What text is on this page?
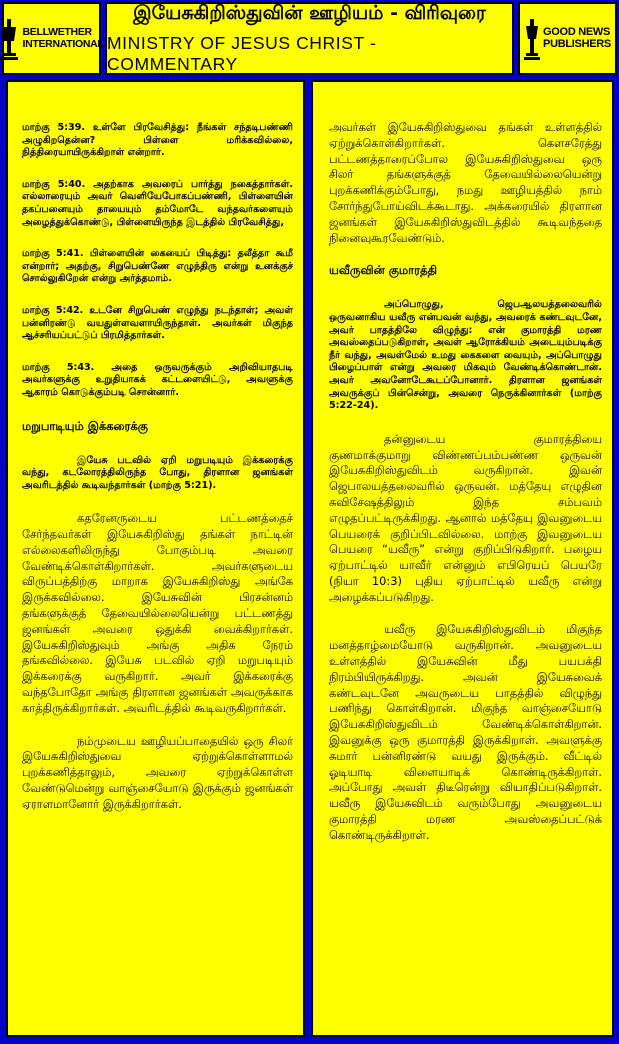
BELLWETHER
INTERNATIONAL
இயேசுகிறிஸ்துவின் ஊழியம் - விரிவுரை
MINISTRY OF JESUS CHRIST - COMMENTARY
GOOD NEWS
PUBLISHERS

மாற்கு 5:39. உள்ளே பிரவேசித்து: நீங்கள் சந்தடிபண்ணி அழுகிறதென்ன? பிள்ளை மரிக்கவில்லை, நித்திரையாயிருக்கிறாள் என்றார்.

மாற்கு 5:40. அதற்காக அவரைப் பார்த்து நகைத்தார்கள். எல்லாரையும் அவர் வெளியேபோகப்பண்ணி, பிள்ளையின் தகப்பனையும் தாயையும் தம்மோடே வந்தவர்களையும் அழைத்துக்கொண்டு, பிள்ளையிருந்த இடத்தில் பிரவேசித்து,

மாற்கு 5:41. பிள்ளையின் கையைப் பிடித்து: தலீத்தா கூமீ என்றார்; அதற்கு, சிறுபெண்ணே எழுந்திரு என்று உனக்குச் சொல்லுகிறேன் என்று அர்த்தமாம்.

மாற்கு 5:42. உடனே சிறுபெண் எழுந்து நடந்தாள்; அவள் பன்னிரண்டு வயதுள்ளவளாயிருந்தாள். அவர்கள் மிகுந்த ஆச்சரியப்பட்டுப் பிரமித்தார்கள்.

மாற்கு 5:43. அதை ஒருவருக்கும் அறிவியாதபடி அவர்களுக்கு உறுதியாகக் கட்டளையிட்டு, அவளுக்கு ஆகாரம் கொடுக்கும்படி சொன்னார்.

மறுபாடியும் இக்கரைக்கு

இயேசு படவில் ஏறி மறுபடியும் இக்கரைக்கு வந்து, கடலோரத்திலிருந்த போது, திரளான ஜனங்கள் அவரிடத்தில் கூடிவந்தார்கள் (மாற்கு 5:21).

கதரேனருடைய பட்டணத்தைச் சேர்ந்தவர்கள் இயேசுகிறிஸ்து தங்கள் நாட்டின் எல்லைகளிலிருந்து போகும்படி அவரை வேண்டிக்கொள்கிறார்கள். அவர்களுடைய விருப்பத்திற்கு மாறாக இயேசுகிறிஸ்து அங்கே இருக்கவில்லை. இயேசுவின் பிரசன்னம் தங்களுக்குத் தேவையில்லையென்று பட்டணத்து ஜனங்கள் அவரை ஒதுக்கி வைக்கிறார்கள். இயேசுகிறிஸ்துவும் அங்கு அதிக நேரம் தங்கவில்லை. இயேசு படவில் ஏறி மறுபடியும் இக்கரைக்கு வருகிறார். அவர் இக்கரைக்கு வந்தபோதோ அங்கு திரளான ஜனங்கள் அவருக்காக காத்திருக்கிறார்கள். அவரிடத்தில் கூடிவருகிறார்கள்.

நம்முடைய ஊழியப்பாதையில் ஒரு சிலர் இயேசுகிறிஸ்துவை ஏற்றுக்கொள்ளாமல் புறக்கணித்தாலும், அவரை ஏற்றுக்கொள்ள வேண்டுமென்று வாஞ்சையோடு இருக்கும் ஜனங்கள் ஏராளமானோர் இருக்கிறார்கள்.

அவர்கள் இயேசுகிறிஸ்துவை தங்கள் உள்ளத்தில் ஏற்றுக்கொள்கிறார்கள். கௌசரேத்து பட்டணத்தாரைப்போல இயேசுகிறிஸ்துவை ஒரு சிலர் தங்களுக்குத் தேவையில்லையென்று புறக்கணிக்கும்போது, நமது ஊழியத்தில் நாம் சோர்ந்துபோய்விடக்கூடாது. அக்கரையில் திரளான ஜனங்கள் இயேசுகிறிஸ்துவிடத்தில் கூடிவந்ததை நினைவுகூரவேண்டும்.

யவீருவின் குமாரத்தி

அப்பொழுது, ஜெபஆலயத்தலைவரில் ஒருவனாகிய யவீரு என்பவன் வந்து, அவரைக் கண்டவுடனே, அவர் பாதத்திலே விழுந்து: என் குமாரத்தி மரண அவஸ்தைப்படுகிறாள், அவள் ஆரோக்கியம் அடையும்படிக்கு நீர் வந்து, அவள்மேல் உமது கைகளை வையும், அப்பொழுது பிழைப்பாள் என்று அவரை மிகவும் வேண்டிக்கொண்டான். அவர் அவனோடேகூடப்போனார். திரளான ஜனங்கள் அவருக்குப் பின்சென்று, அவரை நெருக்கினார்கள் (மாற்கு 5:22-24).

தன்னுடைய குமாரத்தியை குணமாக்குமாறு விண்ணப்பம்பண்ண ஒருவன் இயேசுகிறிஸ்துவிடம் வருகிறான். இவன் ஜெபாலயத்தலைவரில் ஒருவன். மத்தேயு எழுதின சுவிசேஷத்திலும் இந்த சம்பவம் எழுதப்பட்டிருக்கிறது. ஆனால் மத்தேயு இவனுடைய பெயரைக் குறிப்பிடவில்லை. மாற்கு இவனுடைய பெயரை “யவீரு” என்று குறிப்பிடுகிறார். பழைய ஏற்பாட்டில் யாவீர் என்னும் எபிரெயப் பெயரே (நியா 10:3) புதிய ஏற்பாட்டில் யவீரு என்று அழைக்கப்படுகிறது.

யவீரு இயேசுகிறிஸ்துவிடம் மிகுந்த மனத்தாழ்மையோடு வருகிறான். அவனுடைய உள்ளத்தில் இயேசுவின் மீது பயபக்தி நிரம்பியிருக்கிறது. அவன் இயேசுவைக் கண்டவுடனே அவருடைய பாதத்தில் விழுந்து பணிந்து கொள்கிறான். மிகுந்த வாஞ்சையோடு இயேசுகிறிஸ்துவிடம் வேண்டிக்கொள்கிறான். இவனுக்கு ஒரு குமாரத்தி இருக்கிறாள். அவளுக்கு சுமார் பன்னிரண்டு வயது இருக்கும். வீட்டில் ஓடியாடி விளையாடிக் கொண்டிருக்கிறாள். அப்போது அவள் திடீரென்று வியாதிப்படுகிறாள். யவீரு இயேசுவிடம் வரும்போது அவனுடைய குமாரத்தி மரண அவஸ்தைப்பட்டுக் கொண்டிருக்கிறாள்.
